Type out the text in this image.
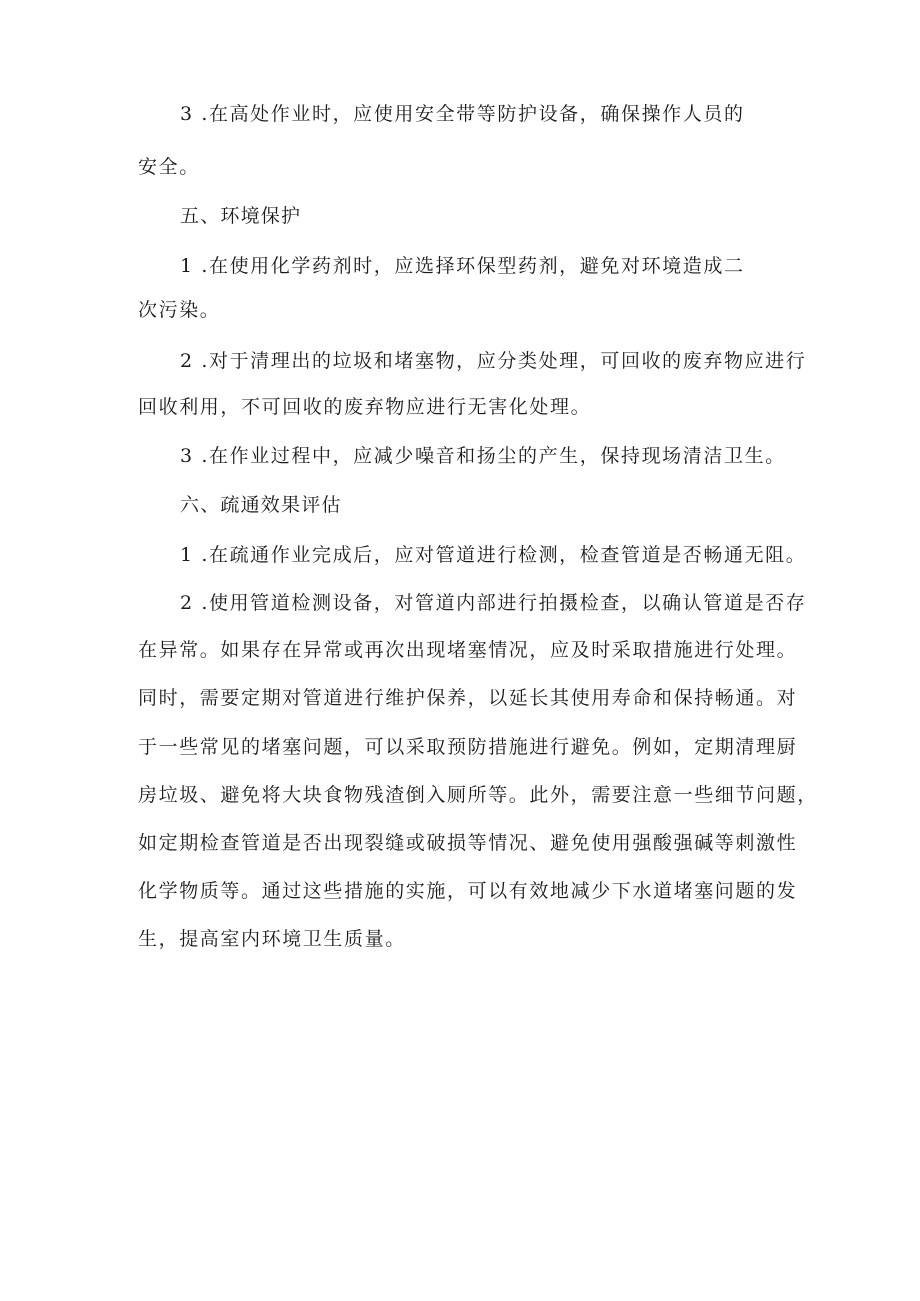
3 .在高处作业时，应使用安全带等防护设备，确保操作人员的

安全。

五、环境保护

1 .在使用化学药剂时，应选择环保型药剂，避免对环境造成二

次污染。

2 .对于清理出的垃圾和堵塞物，应分类处理，可回收的废弃物应进行

回收利用，不可回收的废弃物应进行无害化处理。

3 .在作业过程中，应减少噪音和扬尘的产生，保持现场清洁卫生。

六、疏通效果评估

1 .在疏通作业完成后，应对管道进行检测，检查管道是否畅通无阻。

2 .使用管道检测设备，对管道内部进行拍摄检查，以确认管道是否存

在异常。如果存在异常或再次出现堵塞情况，应及时采取措施进行处理。

同时，需要定期对管道进行维护保养，以延长其使用寿命和保持畅通。对

于一些常见的堵塞问题，可以采取预防措施进行避免。例如，定期清理厨

房垃圾、避免将大块食物残渣倒入厕所等。此外，需要注意一些细节问题，

如定期检查管道是否出现裂缝或破损等情况、避免使用强酸强碱等刺激性

化学物质等。通过这些措施的实施，可以有效地减少下水道堵塞问题的发

生，提高室内环境卫生质量。
